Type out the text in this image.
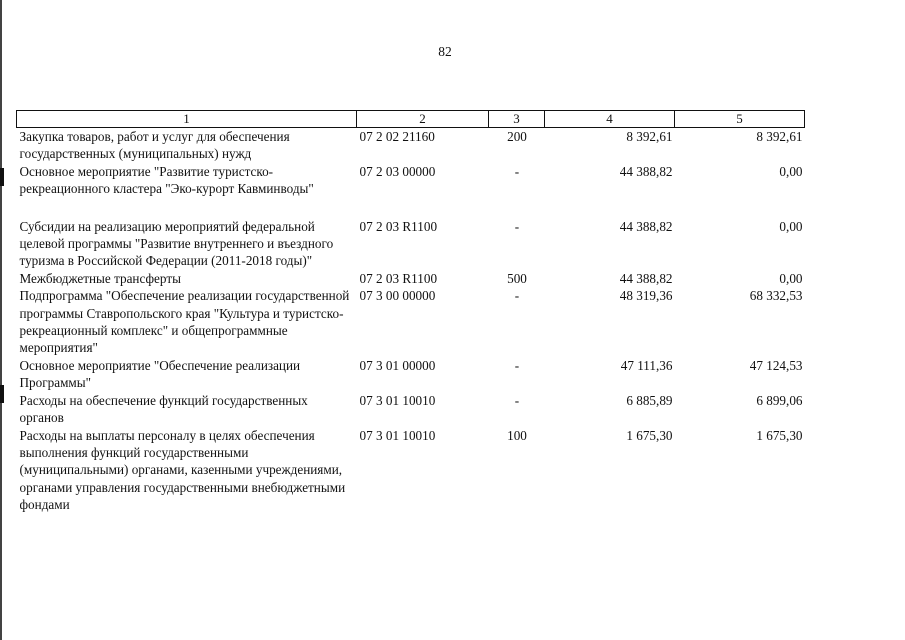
82
1	2	3	4	5
Закупка товаров, работ и услуг для обеспечения государственных (муниципальных) нужд	07 2 02 21160	200	8 392,61	8 392,61
Основное мероприятие "Развитие туристско-рекреационного кластера "Эко-курорт Кавминводы"	07 2 03 00000	-	44 388,82	0,00

Субсидии на реализацию мероприятий федеральной целевой программы "Развитие внутреннего и въездного туризма в Российской Федерации (2011-2018 годы)"	07 2 03 R1100	-	44 388,82	0,00
Межбюджетные трансферты	07 2 03 R1100	500	44 388,82	0,00
Подпрограмма "Обеспечение реализации государственной программы Ставропольского края "Культура и туристско-рекреационный комплекс" и общепрограммные мероприятия"	07 3 00 00000	-	48 319,36	68 332,53
Основное мероприятие "Обеспечение реализации Программы"	07 3 01 00000	-	47 111,36	47 124,53
Расходы на обеспечение функций государственных органов	07 3 01 10010	-	6 885,89	6 899,06
Расходы на выплаты персоналу в целях обеспечения выполнения функций государственными (муниципальными) органами, казенными учреждениями, органами управления государственными внебюджетными фондами	07 3 01 10010	100	1 675,30	1 675,30
